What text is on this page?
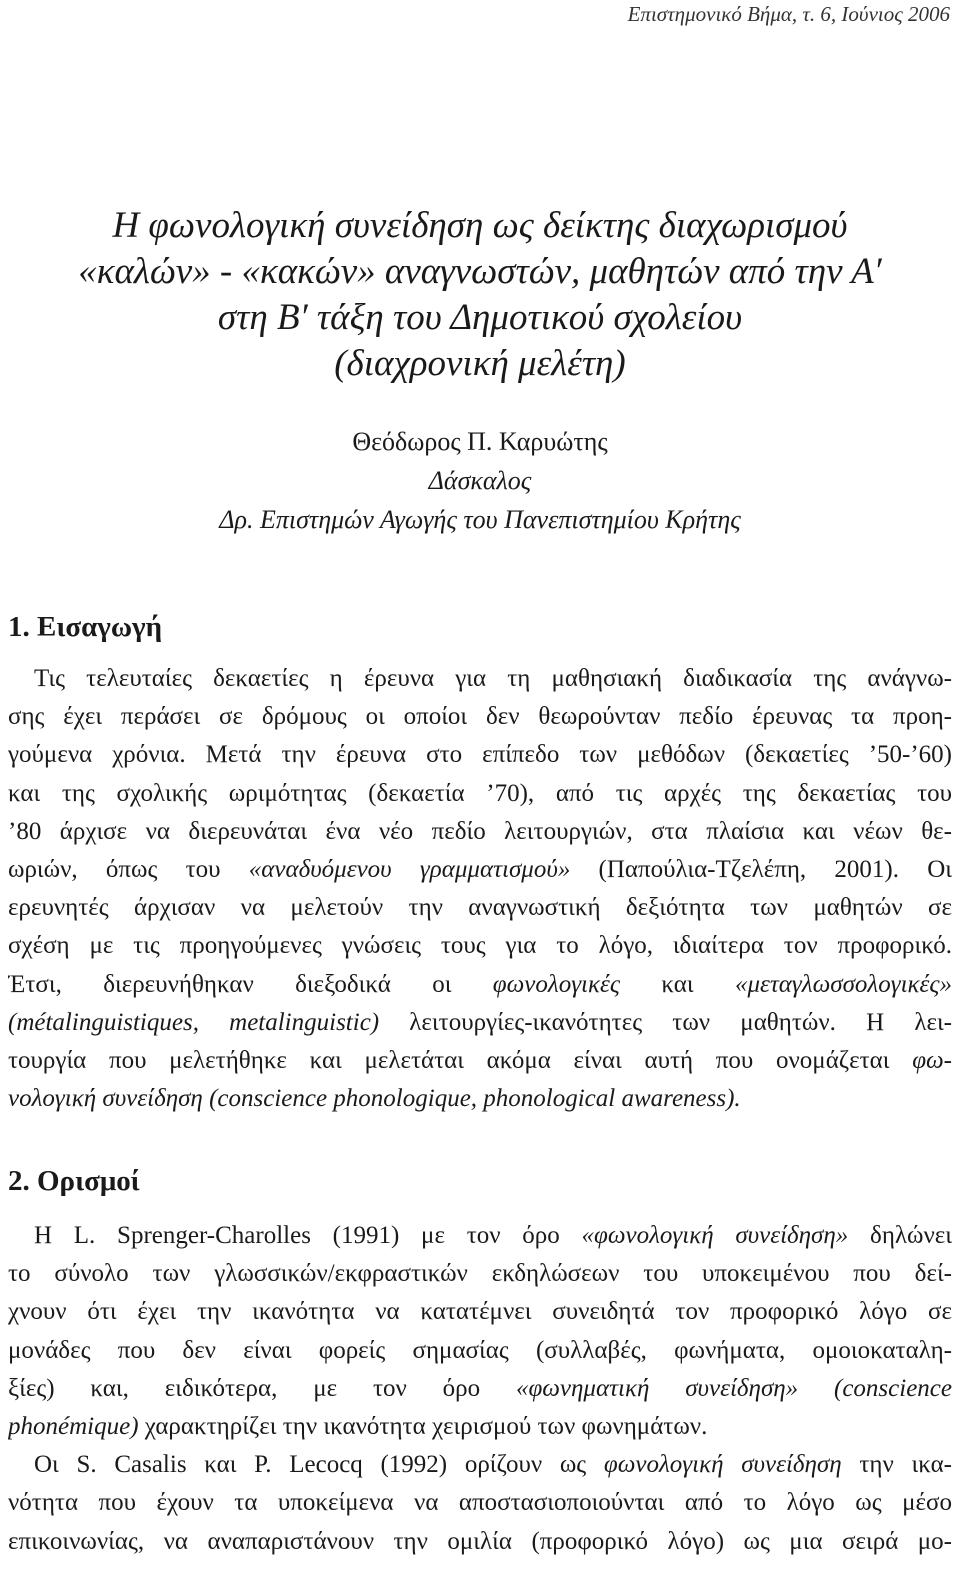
Επιστημονικό Βήμα, τ. 6, Ιούνιος 2006
Η φωνολογική συνείδηση ως δείκτης διαχωρισμού
«καλών» - «κακών» αναγνωστών, μαθητών από την Α′
στη Β′ τάξη του Δημοτικού σχολείου
(διαχρονική μελέτη)
Θεόδωρος Π. Καρυώτης
Δάσκαλος
Δρ. Επιστημών Αγωγής του Πανεπιστημίου Κρήτης
1. Εισαγωγή
Τις τελευταίες δεκαετίες η έρευνα για τη μαθησιακή διαδικασία της ανάγνω-
σης έχει περάσει σε δρόμους οι οποίοι δεν θεωρούνταν πεδίο έρευνας τα προη-
γούμενα χρόνια. Μετά την έρευνα στο επίπεδο των μεθόδων (δεκαετίες ’50-’60)
και της σχολικής ωριμότητας (δεκαετία ’70), από τις αρχές της δεκαετίας του
’80 άρχισε να διερευνάται ένα νέο πεδίο λειτουργιών, στα πλαίσια και νέων θε-
ωριών, όπως του «αναδυόμενου γραμματισμού» (Παπούλια-Τζελέπη, 2001). Οι
ερευνητές άρχισαν να μελετούν την αναγνωστική δεξιότητα των μαθητών σε
σχέση με τις προηγούμενες γνώσεις τους για το λόγο, ιδιαίτερα τον προφορικό.
Έτσι, διερευνήθηκαν διεξοδικά οι φωνολογικές και «μεταγλωσσολογικές»
(métalinguistiques, metalinguistic) λειτουργίες-ικανότητες των μαθητών. Η λει-
τουργία που μελετήθηκε και μελετάται ακόμα είναι αυτή που ονομάζεται φω-
νολογική συνείδηση (conscience phonologique, phonological awareness).
2. Ορισμοί
Η L. Sprenger-Charolles (1991) με τον όρο «φωνολογική συνείδηση» δηλώνει
το σύνολο των γλωσσικών/εκφραστικών εκδηλώσεων του υποκειμένου που δεί-
χνουν ότι έχει την ικανότητα να κατατέμνει συνειδητά τον προφορικό λόγο σε
μονάδες που δεν είναι φορείς σημασίας (συλλαβές, φωνήματα, ομοιοκαταλη-
ξίες) και, ειδικότερα, με τον όρο «φωνηματική συνείδηση» (conscience
phonémique) χαρακτηρίζει την ικανότητα χειρισμού των φωνημάτων.
Οι S. Casalis και P. Lecocq (1992) ορίζουν ως φωνολογική συνείδηση την ικα-
νότητα που έχουν τα υποκείμενα να αποστασιοποιούνται από το λόγο ως μέσο
επικοινωνίας, να αναπαριστάνουν την ομιλία (προφορικό λόγο) ως μια σειρά μο-
